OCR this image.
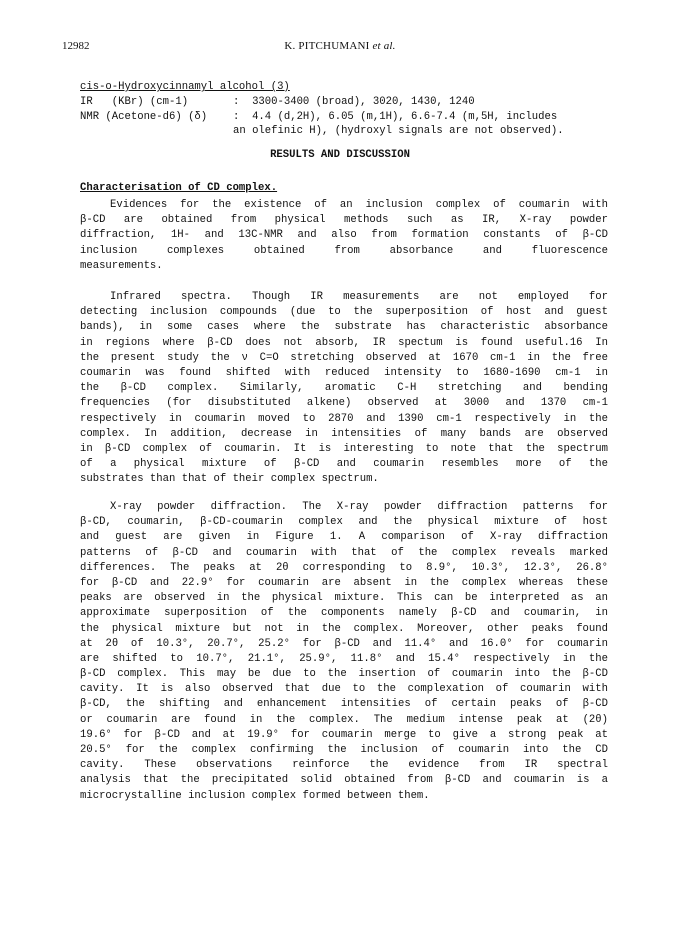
12982	K. PITCHUMANI et al.
cis-o-Hydroxycinnamyl alcohol (3)
IR   (KBr) (cm-1)	: 3300-3400 (broad), 3020, 1430, 1240
NMR (Acetone-d6) (δ) : 4.4 (d,2H), 6.05 (m,1H), 6.6-7.4 (m,5H, includes
an olefinic H), (hydroxyl signals are not observed).
RESULTS AND DISCUSSION
Characterisation of CD complex.
Evidences for the existence of an inclusion complex of coumarin with
β-CD are obtained from physical methods such as IR, X-ray powder
diffraction, 1H- and 13C-NMR and also from formation constants of β-CD
inclusion complexes obtained from absorbance and fluorescence
measurements.
Infrared spectra. Though IR measurements are not employed for
detecting inclusion compounds (due to the superposition of host and guest
bands), in some cases where the substrate has characteristic absorbance
in regions where β-CD does not absorb, IR spectum is found useful.16 In
the present study the ν C=O stretching observed at 1670 cm-1 in the free
coumarin was found shifted with reduced intensity to 1680-1690 cm-1 in
the β-CD complex. Similarly, aromatic C-H stretching and bending
frequencies (for disubstituted alkene) observed at 3000 and 1370 cm-1
respectively in coumarin moved to 2870 and 1390 cm-1 respectively in the
complex. In addition, decrease in intensities of many bands are observed
in β-CD complex of coumarin. It is interesting to note that the spectrum
of a physical mixture of β-CD and coumarin resembles more of the
substrates than that of their complex spectrum.
X-ray powder diffraction. The X-ray powder diffraction patterns for
β-CD, coumarin, β-CD-coumarin complex and the physical mixture of host
and guest are given in Figure 1. A comparison of X-ray diffraction
patterns of β-CD and coumarin with that of the complex reveals marked
differences. The peaks at 2θ corresponding to 8.9°, 10.3°, 12.3°, 26.8°
for β-CD and 22.9° for coumarin are absent in the complex whereas these
peaks are observed in the physical mixture. This can be interpreted as an
approximate superposition of the components namely β-CD and coumarin, in
the physical mixture but not in the complex. Moreover, other peaks found
at 2θ of 10.3°, 20.7°, 25.2° for β-CD and 11.4° and 16.0° for coumarin
are shifted to 10.7°, 21.1°, 25.9°, 11.8° and 15.4° respectively in the
β-CD complex. This may be due to the insertion of coumarin into the β-CD
cavity. It is also observed that due to the complexation of coumarin with
β-CD, the shifting and enhancement intensities of certain peaks of β-CD
or coumarin are found in the complex. The medium intense peak at (2θ)
19.6° for β-CD and at 19.9° for coumarin merge to give a strong peak at
20.5° for the complex confirming the inclusion of coumarin into the CD
cavity. These observations reinforce the evidence from IR spectral
analysis that the precipitated solid obtained from β-CD and coumarin is a
microcrystalline inclusion complex formed between them.
